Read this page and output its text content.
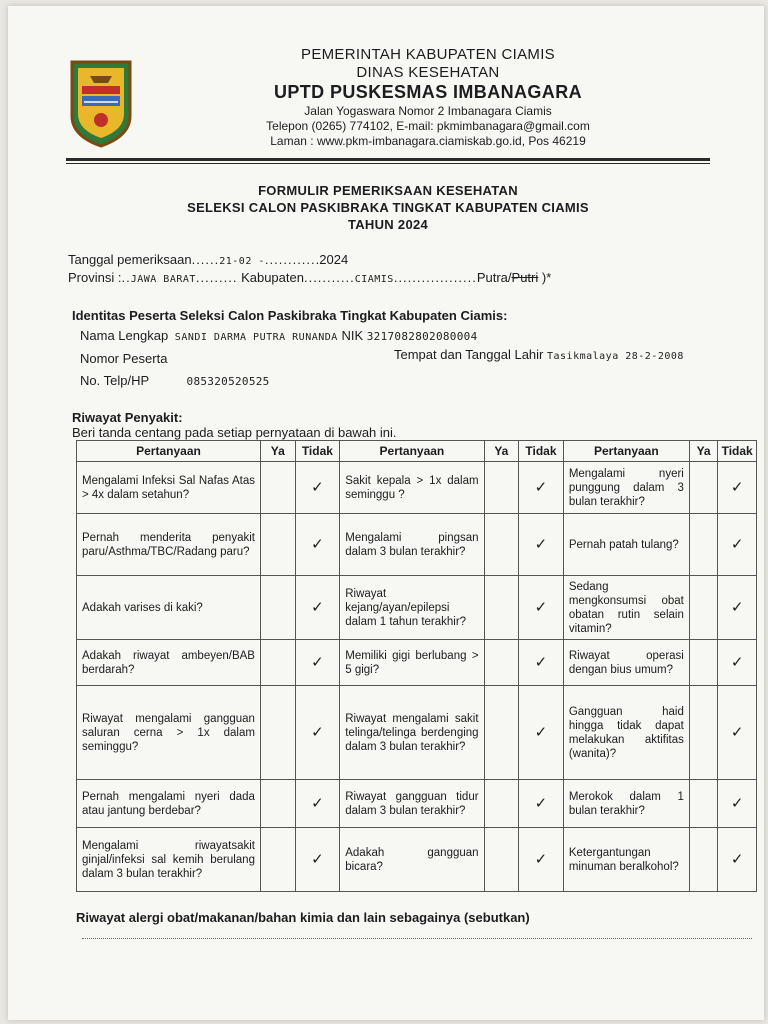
PEMERINTAH KABUPATEN CIAMIS
DINAS KESEHATAN
UPTD PUSKESMAS IMBANAGARA
Jalan Yogaswara Nomor 2 Imbanagara Ciamis
Telepon (0265) 774102, E-mail: pkmimbanagara@gmail.com
Laman : www.pkm-imbanagara.ciamiskab.go.id, Pos 46219
FORMULIR PEMERIKSAAN KESEHATAN
SELEKSI CALON PASKIBRAKA TINGKAT KABUPATEN CIAMIS
TAHUN 2024
Tanggal pemeriksaan......21-02 -............2024
Provinsi :..JAWA BARAT......... Kabupaten...........CIAMIS..................Putra/Putri )*
Identitas Peserta Seleksi Calon Paskibraka Tingkat Kabupaten Ciamis:
Nama Lengkap SANDI DARMA PUTRA RUNANDA NIK 3217082802080004
Nomor Peserta	Tempat dan Tanggal Lahir Tasikmalaya 28-2-2008
No. Telp/HP	085320520525
Riwayat Penyakit:
Beri tanda centang pada setiap pernyataan di bawah ini.
Pertanyaan	Ya	Tidak	Pertanyaan	Ya	Tidak	Pertanyaan	Ya	Tidak
Mengalami Infeksi Sal Nafas Atas > 4x dalam setahun?		✓	Sakit kepala > 1x dalam seminggu ?		✓	Mengalami nyeri punggung dalam 3 bulan terakhir?		✓
Pernah menderita penyakit paru/Asthma/TBC/Radang paru?		✓	Mengalami pingsan dalam 3 bulan terakhir?		✓	Pernah patah tulang?		✓
Adakah varises di kaki?		✓	Riwayat kejang/ayan/epilepsi dalam 1 tahun terakhir?		✓	Sedang mengkonsumsi obat obatan rutin selain vitamin?		✓
Adakah riwayat ambeyen/BAB berdarah?		✓	Memiliki gigi berlubang > 5 gigi?		✓	Riwayat operasi dengan bius umum?		✓
Riwayat mengalami gangguan saluran cerna > 1x dalam seminggu?		✓	Riwayat mengalami sakit telinga/telinga berdenging dalam 3 bulan terakhir?		✓	Gangguan haid hingga tidak dapat melakukan aktifitas (wanita)?		✓
Pernah mengalami nyeri dada atau jantung berdebar?		✓	Riwayat gangguan tidur dalam 3 bulan terakhir?		✓	Merokok dalam 1 bulan terakhir?		✓
Mengalami riwayatsakit ginjal/infeksi sal kemih berulang dalam 3 bulan terakhir?		✓	Adakah gangguan bicara?		✓	Ketergantungan minuman beralkohol?		✓
Riwayat alergi obat/makanan/bahan kimia dan lain sebagainya (sebutkan)
